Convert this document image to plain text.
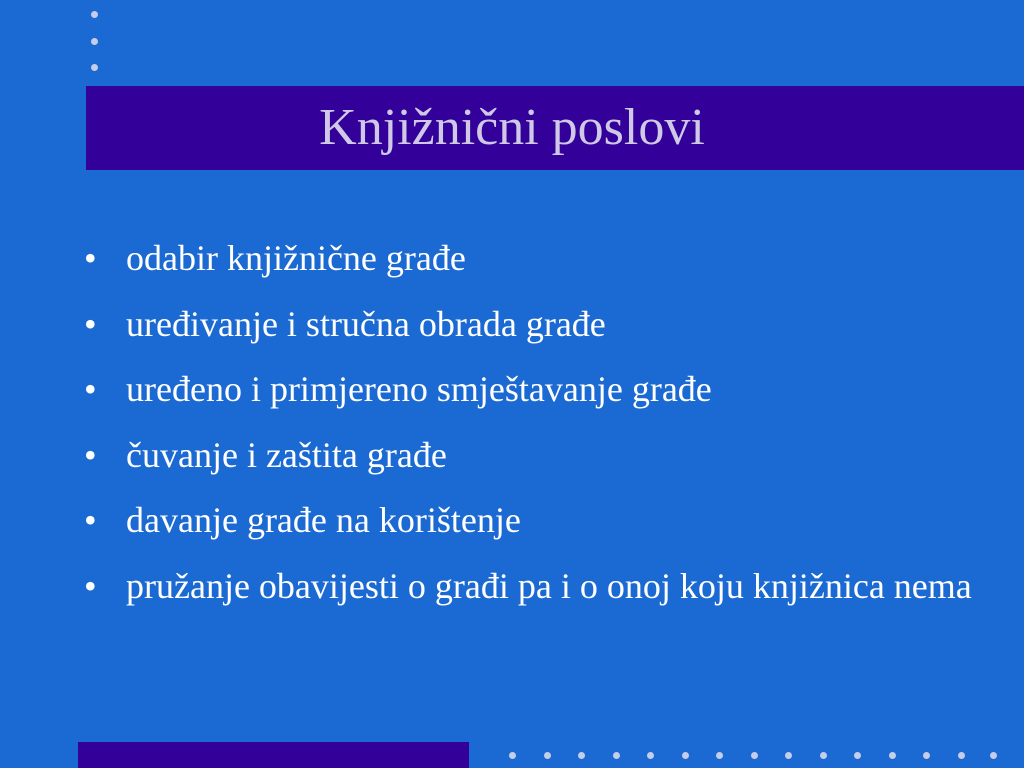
Knjižnični poslovi
•
odabir knjižnične građe
•
uređivanje i stručna obrada građe
•
uređeno i primjereno smještavanje građe
•
čuvanje i zaštita građe
•
davanje građe na korištenje
•
pružanje obavijesti o građi pa i o onoj koju knjižnica nema
